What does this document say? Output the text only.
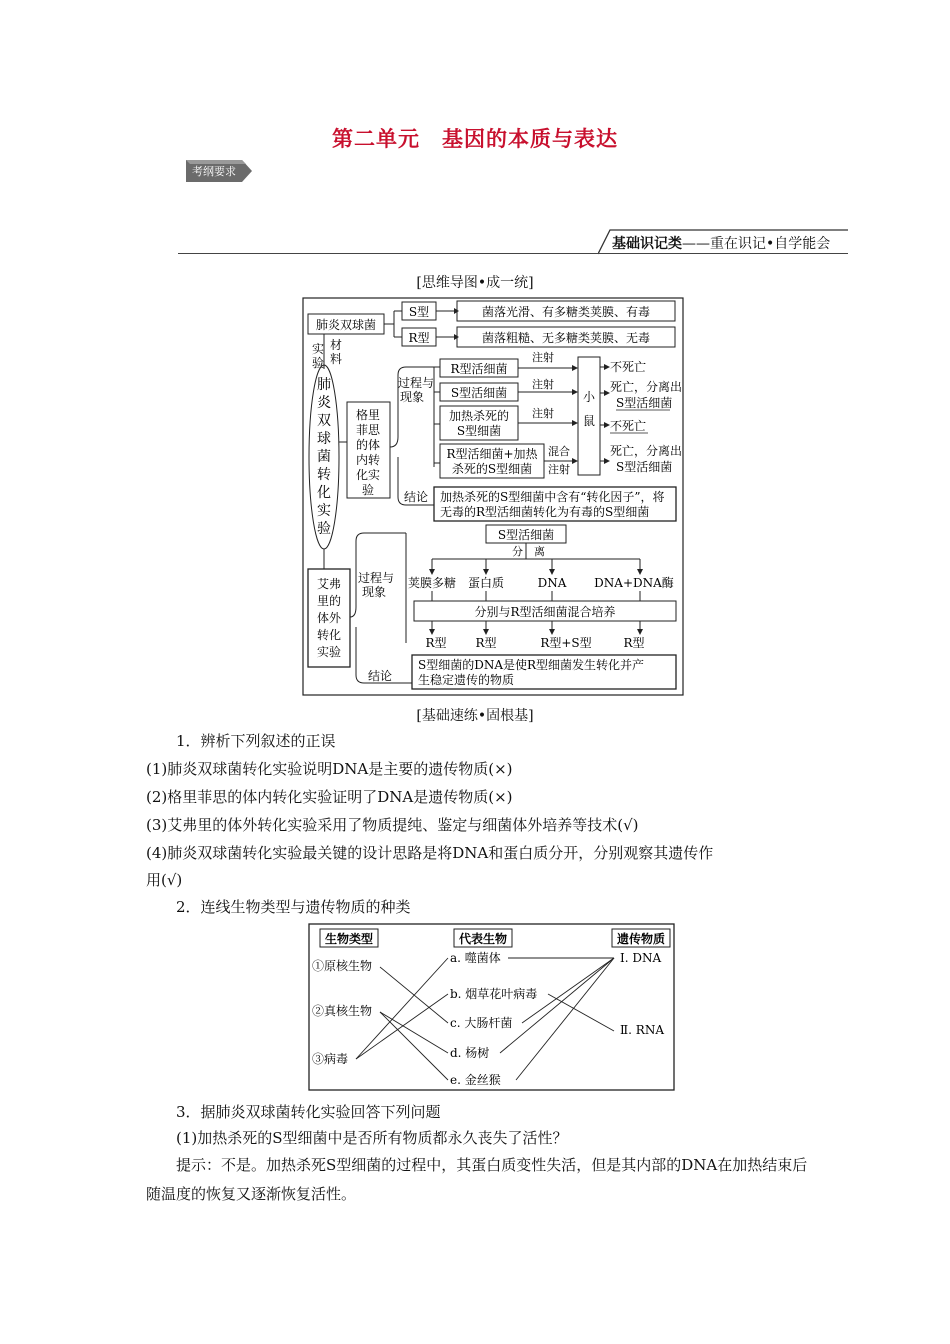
第二单元　基因的本质与表达
考纲要求
基础识记类——重在识记•自学能会
[思维导图•成一统]
肺炎双球菌
S型	菌落光滑、有多糖类荚膜、有毒
R型	菌落粗糙、无多糖类荚膜、无毒
实
验
材
料
肺
炎
双
球
菌
转
化
实
验
格里
菲思
的体
内转
化实
验
过程与
现象
结论
R型活细菌
S型活细菌
加热杀死的
S型细菌
R型活细菌+加热
杀死的S型细菌
注射
注射
注射
混合
注射
小
鼠
不死亡
死亡，分离出
S型活细菌
不死亡
死亡，分离出
S型活细菌
加热杀死的S型细菌中含有“转化因子”，将
无毒的R型活细菌转化为有毒的S型细菌
艾弗
里的
体外
转化
实验
过程与
现象
结论
S型活细菌
分　离
荚膜多糖 蛋白质	DNA DNA+DNA酶
分别与R型活细菌混合培养
R型 R型	R型+S型	R型
S型细菌的DNA是使R型细菌发生转化并产
生稳定遗传的物质
[基础速练•固根基]
1．辨析下列叙述的正误
(1)肺炎双球菌转化实验说明DNA是主要的遗传物质(×)
(2)格里菲思的体内转化实验证明了DNA是遗传物质(×)
(3)艾弗里的体外转化实验采用了物质提纯、鉴定与细菌体外培养等技术(√)
(4)肺炎双球菌转化实验最关键的设计思路是将DNA和蛋白质分开，分别观察其遗传作
用(√)
2．连线生物类型与遗传物质的种类
生物类型	代表生物	遗传物质
①原核生物
②真核生物
③病毒
a. 噬菌体
b. 烟草花叶病毒
c. 大肠杆菌
d. 杨树
e. 金丝猴
Ⅰ. DNA
Ⅱ. RNA
3．据肺炎双球菌转化实验回答下列问题
(1)加热杀死的S型细菌中是否所有物质都永久丧失了活性？
提示：不是。加热杀死S型细菌的过程中，其蛋白质变性失活，但是其内部的DNA在加热结束后随温度的恢复又逐渐恢复活性。
